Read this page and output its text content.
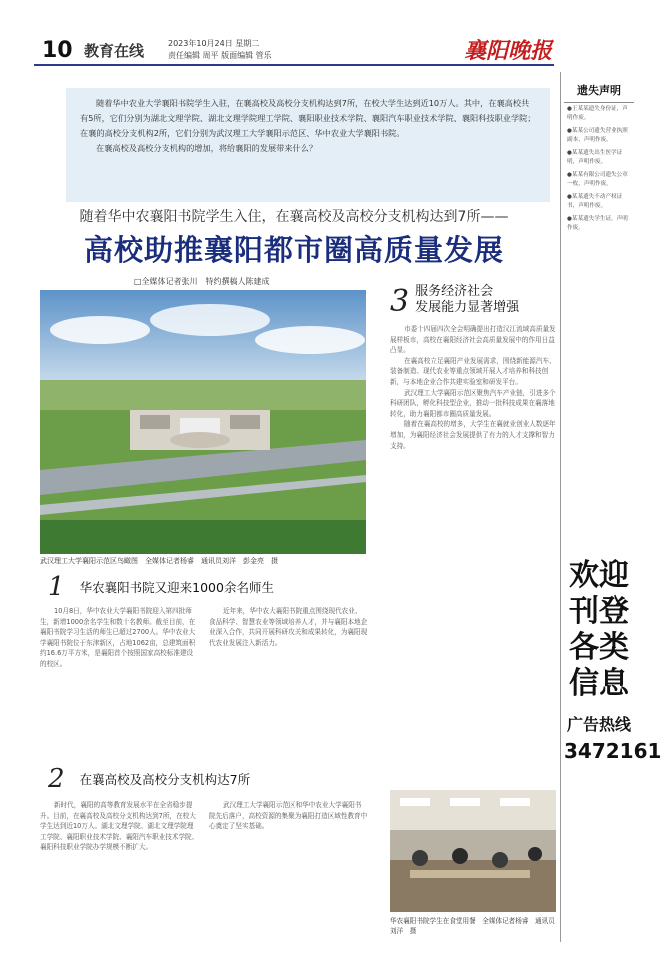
10 教育在线	2023年10月24日 星期二
责任编辑 周平 版面编辑 管乐	襄阳晚报

随着华中农业大学襄阳书院学生入驻，在襄高校及高校分支机构达到7所，在校大学生达到近10万人。其中，在襄高校共有5所，它们分别为湖北文理学院、湖北文理学院理工学院、襄阳职业技术学院、襄阳汽车职业技术学院、襄阳科技职业学院；在襄的高校分支机构2所，它们分别为武汉理工大学襄阳示范区、华中农业大学襄阳书院。

在襄高校及高校分支机构的增加，将给襄阳的发展带来什么？

随着华中农襄阳书院学生入住，在襄高校及高校分支机构达到7所——
高校助推襄阳都市圈高质量发展
□全媒体记者张川　特约撰稿人陈建成
武汉理工大学襄阳示范区鸟瞰图　全媒体记者杨睿　通讯员刘洋　彭金亮　摄
1 华农襄阳书院又迎来1000余名师生

10月8日，华中农业大学襄阳书院迎入第四批师生，新增1000余名学生和数十名教师。截至目前，在襄阳书院学习生活的师生已超过2700人。华中农业大学襄阳书院位于东津新区，占地1062亩，总建筑面积约16.6万平方米，是襄阳首个按照国家高校标准建设的校区。

近年来，华中农大襄阳书院重点围绕现代农业、食品科学、智慧农业等领域培养人才，并与襄阳本地企业深入合作，共同开展科研攻关和成果转化，为襄阳现代农业发展注入新活力。

2 在襄高校及高校分支机构达7所

新时代，襄阳的高等教育发展水平在全省稳步提升。目前，在襄高校及高校分支机构达到7所，在校大学生达到近10万人。湖北文理学院、湖北文理学院理工学院、襄阳职业技术学院、襄阳汽车职业技术学院、襄阳科技职业学院办学规模不断扩大。

武汉理工大学襄阳示范区和华中农业大学襄阳书院先后落户，高校资源的集聚为襄阳打造区域性教育中心奠定了坚实基础。

3 服务经济社会
发展能力显著增强

市委十四届四次全会明确提出打造汉江流域高质量发展样板市，高校在襄阳经济社会高质量发展中的作用日益凸显。

在襄高校立足襄阳产业发展需求，围绕新能源汽车、装备制造、现代农业等重点领域开展人才培养和科技创新，与本地企业合作共建实验室和研发平台。

武汉理工大学襄阳示范区聚焦汽车产业链，引进多个科研团队，孵化科技型企业，推动一批科技成果在襄落地转化，助力襄阳都市圈高质量发展。

随着在襄高校的增多，大学生在襄就业创业人数逐年增加，为襄阳经济社会发展提供了有力的人才支撑和智力支持。

华农襄阳书院学生在食堂用餐　全媒体记者杨睿　通讯员刘洋　摄
遗失声明
●王某某遗失身份证，声明作废。
●某某公司遗失营业执照副本，声明作废。
●某某遗失出生医学证明，声明作废。
●某某有限公司遗失公章一枚，声明作废。
●某某遗失不动产权证书，声明作废。
●某某遗失学生证，声明作废。
欢迎刊登各类信息
广告热线
3472161
